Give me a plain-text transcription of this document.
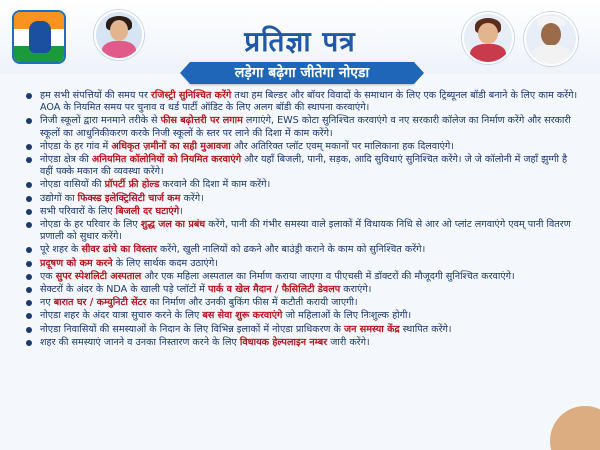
प्रतिज्ञा पत्र
लड़ेगा बढ़ेगा जीतेगा नोएडा
हम सभी संपत्तियों की समय पर रजिस्ट्री सुनिश्चित करेंगे तथा हम बिल्डर और बॉयर विवादों के समाधान के लिए एक ट्रिब्यूनल बॉडी बनाने के लिए काम करेंगे। AOA के नियमित समय पर चुनाव व थर्ड पार्टी ऑडिट के लिए अलग बॉडी की स्थापना करवाएंगे।
निजी स्कूलों द्वारा मनमाने तरीके से फीस बढ़ोत्तरी पर लगाम लगाएंगे, EWS कोटा सुनिश्चित करवाएंगे व नए सरकारी कॉलेज का निर्माण करेंगे और सरकारी स्कूलों का आधुनिकीकरण करके निजी स्कूलों के स्तर पर लाने की दिशा में काम करेंगे।
नोएडा के हर गांव में अधिकृत ज़मीनों का सही मुआवजा और अतिरिक्त प्लॉट एवम् मकानों पर मालिकाना हक दिलवाएंगे।
नोएडा क्षेत्र की अनियमित कॉलोनियों को नियमित करवाएंगे और यहाँ बिजली, पानी, सड़क, आदि सुविधाएं सुनिश्चित करेंगे। जे जे कॉलोनी में जहाँ झुग्गी है वहीं पक्के मकान की व्यवस्था करेंगे।
नोएडा वासियों की प्रॉपर्टी फ्री होल्ड करवाने की दिशा में काम करेंगे।
उद्योगों का फिक्स्ड इलेक्ट्रिसिटी चार्ज कम करेंगे।
सभी परिवारों के लिए बिजली दर घटाएंगे।
नोएडा के हर परिवार के लिए शुद्ध जल का प्रबंध करेंगे, पानी की गंभीर समस्या वाले इलाकों में विधायक निधि से आर ओ प्लांट लगवाएंगे एवम् पानी वितरण प्रणाली को सुधार करेंगे।
पूरे शहर के सीवर ढांचे का विस्तार करेंगे, खुली नालियों को ढकने और बाउंड्री कराने के काम को सुनिश्चित करेंगे।
प्रदूषण को कम करने के लिए सार्थक कदम उठाएंगे।
एक सुपर स्पेशलिटी अस्पताल और एक महिला अस्पताल का निर्माण कराया जाएगा व पीएचसी में डॉक्टरों की मौजूदगी सुनिश्चित करवाएंगे।
सेक्टरों के अंदर के NDA के खाली पड़े प्लॉटों में पार्क व खेल मैदान / फैसिलिटी डेवलप कराएंगे।
नए बारात घर / कम्युनिटी सेंटर का निर्माण और उनकी बुकिंग फीस में कटौती करायी जाएगी।
नोएडा शहर के अंदर यात्रा सुचारु करने के लिए बस सेवा शुरू करवाएंगे जो महिलाओं के लिए निःशुल्क होगी।
नोएडा निवासियों की समस्याओं के निदान के लिए विभिन्न इलाकों में नोएडा प्राधिकरण के जन समस्या केंद्र स्थापित करेंगे।
शहर की समस्याएं जानने व उनका निस्तारण करने के लिए विधायक हेल्पलाइन नम्बर जारी करेंगे।
